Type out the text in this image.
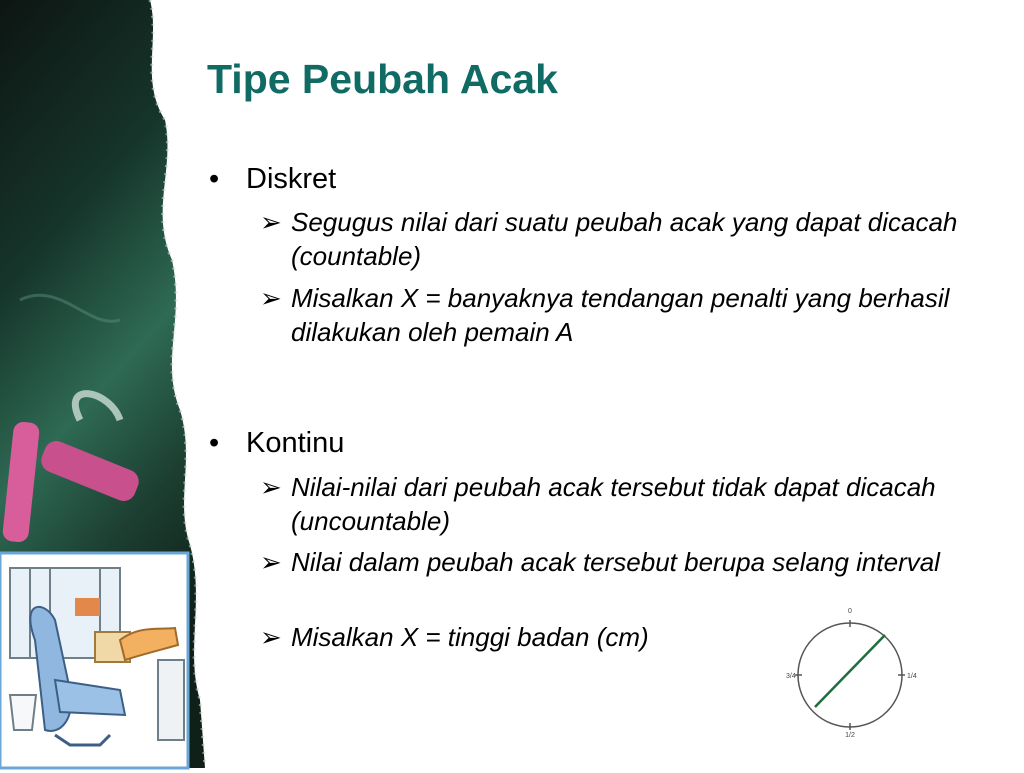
Tipe Peubah Acak
• Diskret
➢ Segugus nilai dari suatu peubah acak yang dapat dicacah (countable)
➢ Misalkan X = banyaknya tendangan penalti yang berhasil dilakukan oleh pemain A
• Kontinu
➢ Nilai-nilai dari peubah acak tersebut tidak dapat dicacah (uncountable)
➢ Nilai dalam peubah acak tersebut berupa selang interval
➢ Misalkan X = tinggi badan (cm)
0
1/4
1/2
3/4
